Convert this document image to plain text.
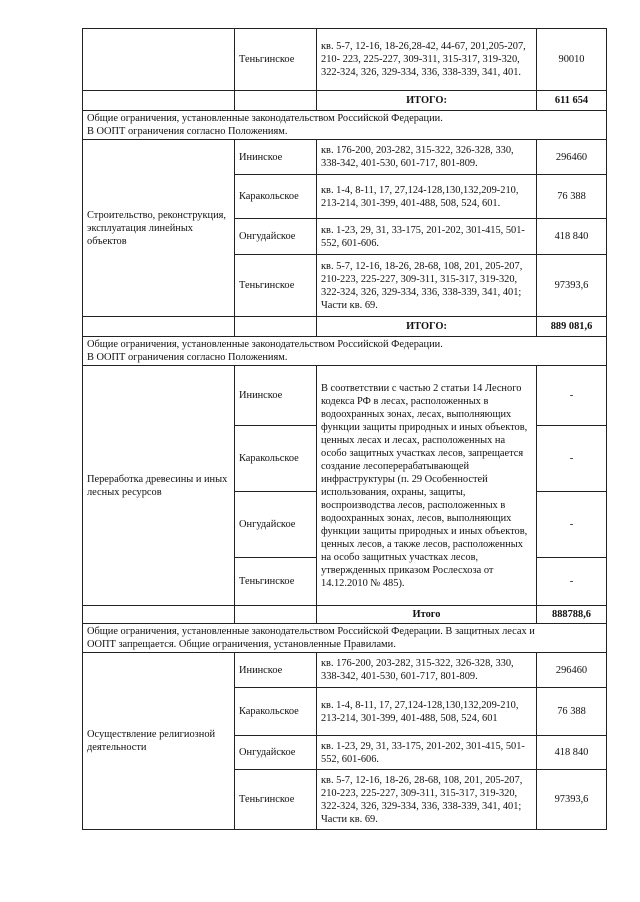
	Теньгинское	кв. 5-7, 12-16, 18-26,28-42, 44-67, 201,205-207, 210- 223, 225-227, 309-311, 315-317, 319-320, 322-324, 326, 329-334, 336, 338-339, 341, 401.	90010
		ИТОГО:	611 654

Общие ограничения, установленные законодательством Российской Федерации.
В ООПТ ограничения согласно Положениям.			

Строительство, реконструкция, эксплуатация линейных объектов	Ининское	кв. 176-200, 203-282, 315-322, 326-328, 330, 338-342, 401-530, 601-717, 801-809.	296460
	Каракольское	кв. 1-4, 8-11, 17, 27,124-128,130,132,209-210, 213-214, 301-399, 401-488, 508, 524, 601.	76 388
	Онгудайское	кв. 1-23, 29, 31, 33-175, 201-202, 301-415, 501-552, 601-606.	418 840
	Теньгинское	кв. 5-7, 12-16, 18-26, 28-68, 108, 201, 205-207, 210-223, 225-227, 309-311, 315-317, 319-320, 322-324, 326, 329-334, 336, 338-339, 341, 401; Части кв. 69.	97393,6
		ИТОГО:	889 081,6

Общие ограничения, установленные законодательством Российской Федерации.
В ООПТ ограничения согласно Положениям.			

Переработка древесины и иных лесных ресурсов	Ининское	В соответствии с частью 2 статьи 14 Лесного кодекса РФ в лесах, расположенных в водоохранных зонах, лесах, выполняющих функции защиты природных и иных объектов, ценных лесах и лесах, расположенных на особо защитных участках лесов, запрещается создание лесоперерабатывающей инфраструктуры (п. 29 Особенностей использования, охраны, защиты, воспроизводства лесов, расположенных в водоохранных зонах, лесов, выполняющих функции защиты природных и иных объектов, ценных лесов, а также лесов, расположенных на особо защитных участках лесов, утвержденных приказом Рослесхоза от 14.12.2010 № 485).	-
	Каракольское		-
	Онгудайское		-
	Теньгинское		-
		Итого	888788,6

Общие ограничения, установленные законодательством Российской Федерации. В защитных лесах и
ООПТ запрещается. Общие ограничения, установленные Правилами.			

Осуществление религиозной деятельности	Ининское	кв. 176-200, 203-282, 315-322, 326-328, 330, 338-342, 401-530, 601-717, 801-809.	296460
	Каракольское	кв. 1-4, 8-11, 17, 27,124-128,130,132,209-210, 213-214, 301-399, 401-488, 508, 524, 601	76 388
	Онгудайское	кв. 1-23, 29, 31, 33-175, 201-202, 301-415, 501-552, 601-606.	418 840
	Теньгинское	кв. 5-7, 12-16, 18-26, 28-68, 108, 201, 205-207, 210-223, 225-227, 309-311, 315-317, 319-320, 322-324, 326, 329-334, 336, 338-339, 341, 401; Части кв. 69.	97393,6
